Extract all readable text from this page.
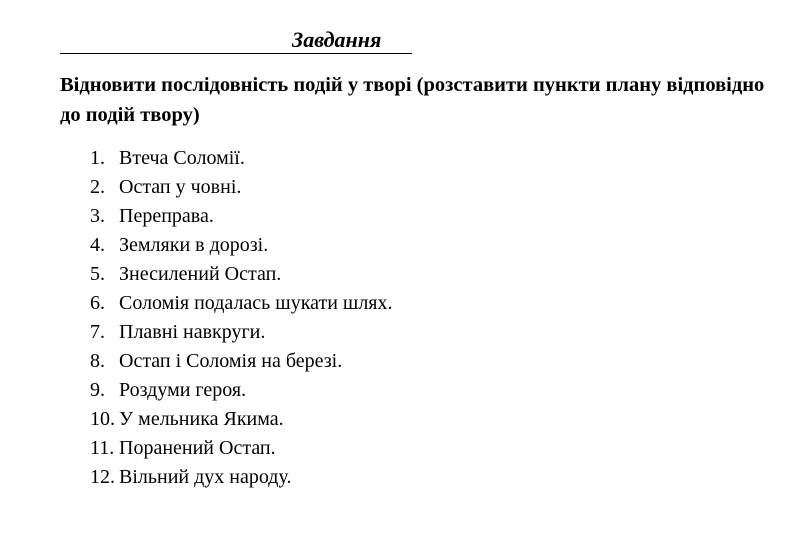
Завдання
Відновити послідовність подій у творі (розставити пункти плану відповідно до подій твору)
1. Втеча Соломії.
2. Остап у човні.
3. Переправа.
4. Земляки в дорозі.
5. Знесилений Остап.
6. Соломія подалась шукати шлях.
7. Плавні навкруги.
8. Остап і Соломія на березі.
9. Роздуми героя.
10. У мельника Якима.
11. Поранений Остап.
12. Вільний дух народу.
